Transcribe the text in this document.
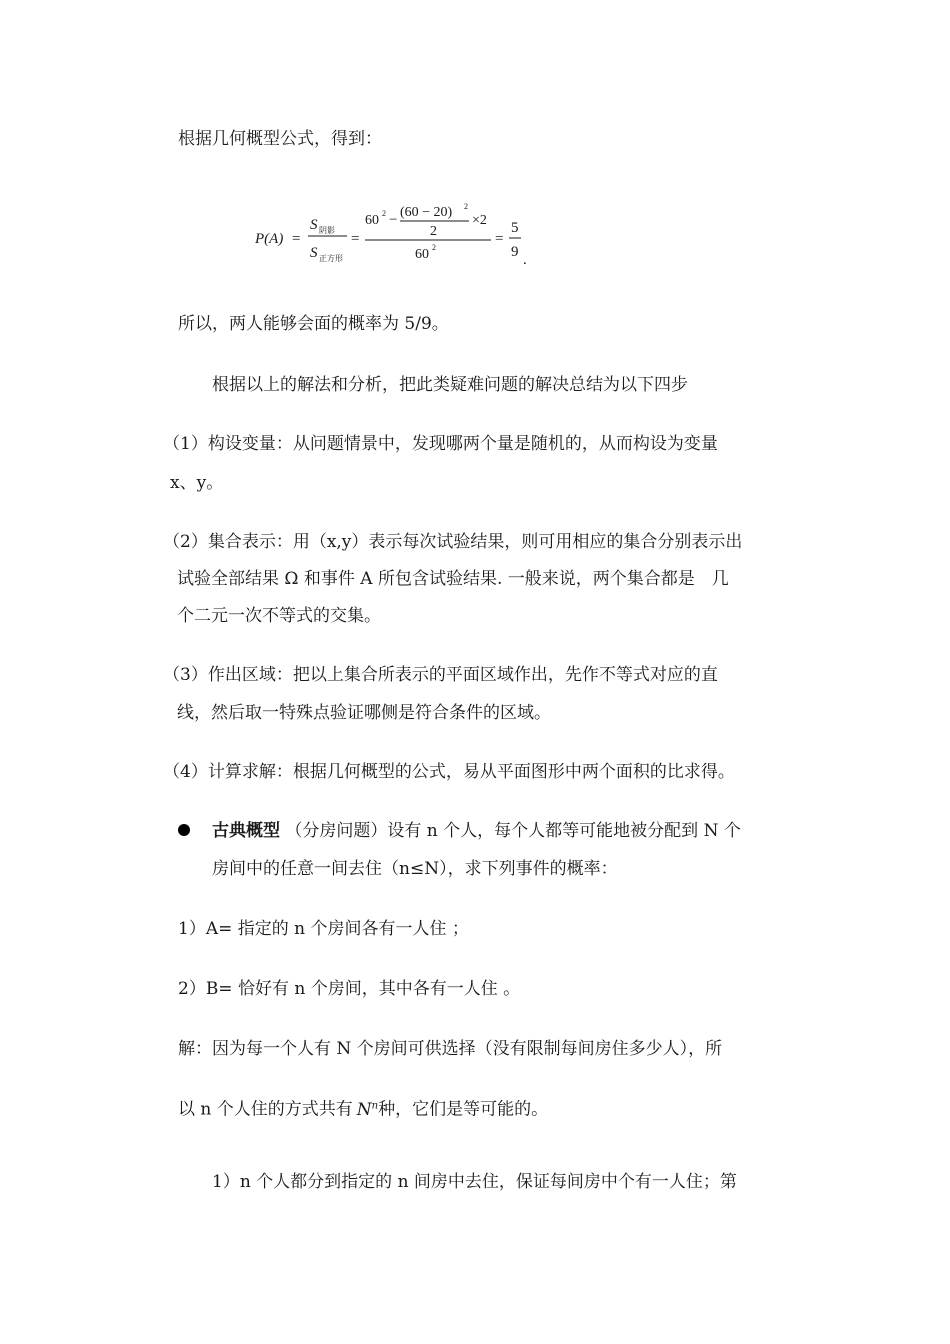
根据几何概型公式，得到：
P(A) =
S 阴影
S 正方形
=
60 2 − (60 − 20) 2
2
×2
60 2
=
5
9 .
所以，两人能够会面的概率为 5/9。
根据以上的解法和分析，把此类疑难问题的解决总结为以下四步
（1）构设变量：从问题情景中，发现哪两个量是随机的，从而构设为变量
x、y。
（2）集合表示：用（x,y）表示每次试验结果，则可用相应的集合分别表示出
试验全部结果 Ω 和事件 A 所包含试验结果. 一般来说，两个集合都是　几
个二元一次不等式的交集。
（3）作出区域：把以上集合所表示的平面区域作出，先作不等式对应的直
线，然后取一特殊点验证哪侧是符合条件的区域。
（4）计算求解：根据几何概型的公式，易从平面图形中两个面积的比求得。
古典概型 （分房问题）设有 n 个人，每个人都等可能地被分配到 N 个
房间中的任意一间去住（n≤N），求下列事件的概率：
1）A= 指定的 n 个房间各有一人住 ；
2）B= 恰好有 n 个房间，其中各有一人住 。
解：因为每一个人有 N 个房间可供选择（没有限制每间房住多少人），所
以 n 个人住的方式共有 $N^n$种，它们是等可能的。
1）n 个人都分到指定的 n 间房中去住，保证每间房中个有一人住；第
